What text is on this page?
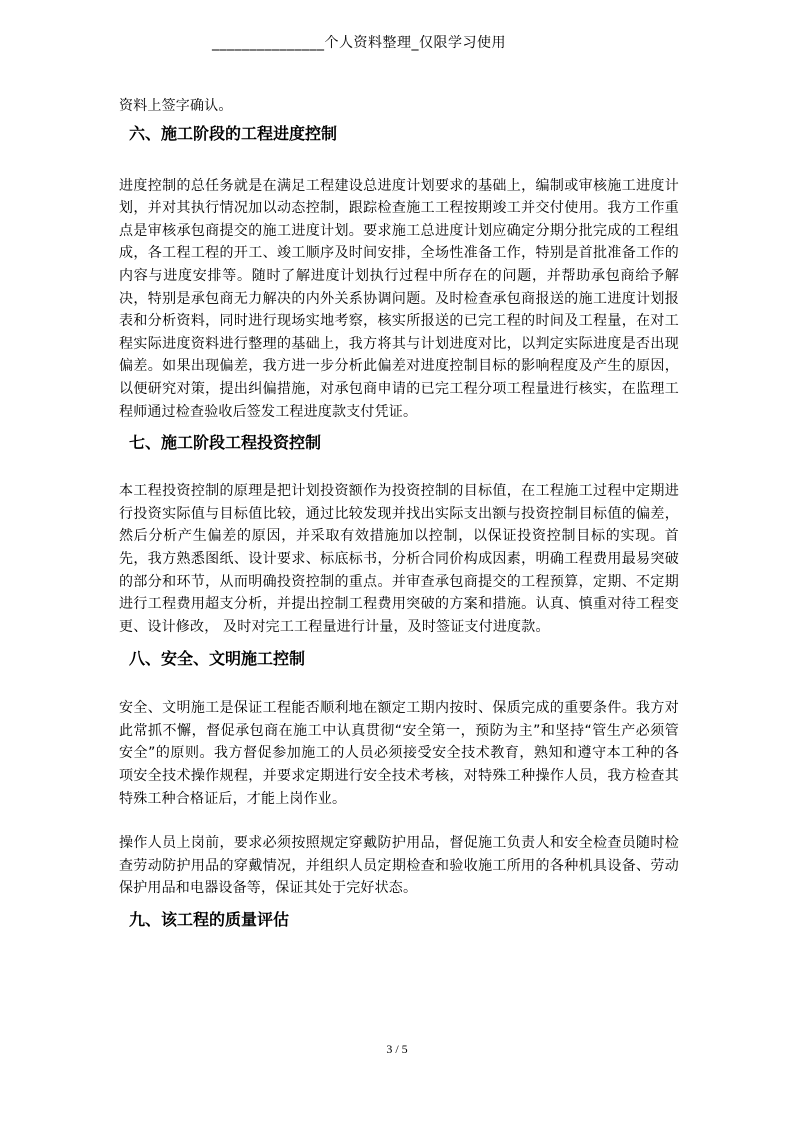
_______________个人资料整理_仅限学习使用

资料上签字确认。

六、施工阶段的工程进度控制

进度控制的总任务就是在满足工程建设总进度计划要求的基础上，编制或审核施工进度计划，并对其执行情况加以动态控制，跟踪检查施工工程按期竣工并交付使用。我方工作重点是审核承包商提交的施工进度计划。要求施工总进度计划应确定分期分批完成的工程组成，各工程工程的开工、竣工顺序及时间安排，全场性准备工作，特别是首批准备工作的内容与进度安排等。随时了解进度计划执行过程中所存在的问题，并帮助承包商给予解决，特别是承包商无力解决的内外关系协调问题。及时检查承包商报送的施工进度计划报表和分析资料，同时进行现场实地考察，核实所报送的已完工程的时间及工程量，在对工程实际进度资料进行整理的基础上，我方将其与计划进度对比，以判定实际进度是否出现偏差。如果出现偏差，我方进一步分析此偏差对进度控制目标的影响程度及产生的原因，以便研究对策，提出纠偏措施，对承包商申请的已完工程分项工程量进行核实，在监理工程师通过检查验收后签发工程进度款支付凭证。

七、施工阶段工程投资控制

本工程投资控制的原理是把计划投资额作为投资控制的目标值，在工程施工过程中定期进行投资实际值与目标值比较，通过比较发现并找出实际支出额与投资控制目标值的偏差，然后分析产生偏差的原因，并采取有效措施加以控制，以保证投资控制目标的实现。首先，我方熟悉图纸、设计要求、标底标书，分析合同价构成因素，明确工程费用最易突破的部分和环节，从而明确投资控制的重点。并审查承包商提交的工程预算，定期、不定期进行工程费用超支分析，并提出控制工程费用突破的方案和措施。认真、慎重对待工程变更、设计修改， 及时对完工工程量进行计量，及时签证支付进度款。

八、安全、文明施工控制

安全、文明施工是保证工程能否顺利地在额定工期内按时、保质完成的重要条件。我方对此常抓不懈，督促承包商在施工中认真贯彻“安全第一，预防为主”和坚持“管生产必须管安全”的原则。我方督促参加施工的人员必须接受安全技术教育，熟知和遵守本工种的各项安全技术操作规程，并要求定期进行安全技术考核，对特殊工种操作人员，我方检查其特殊工种合格证后，才能上岗作业。

操作人员上岗前，要求必须按照规定穿戴防护用品，督促施工负责人和安全检查员随时检查劳动防护用品的穿戴情况，并组织人员定期检查和验收施工所用的各种机具设备、劳动保护用品和电器设备等，保证其处于完好状态。

九、该工程的质量评估
3 / 5
